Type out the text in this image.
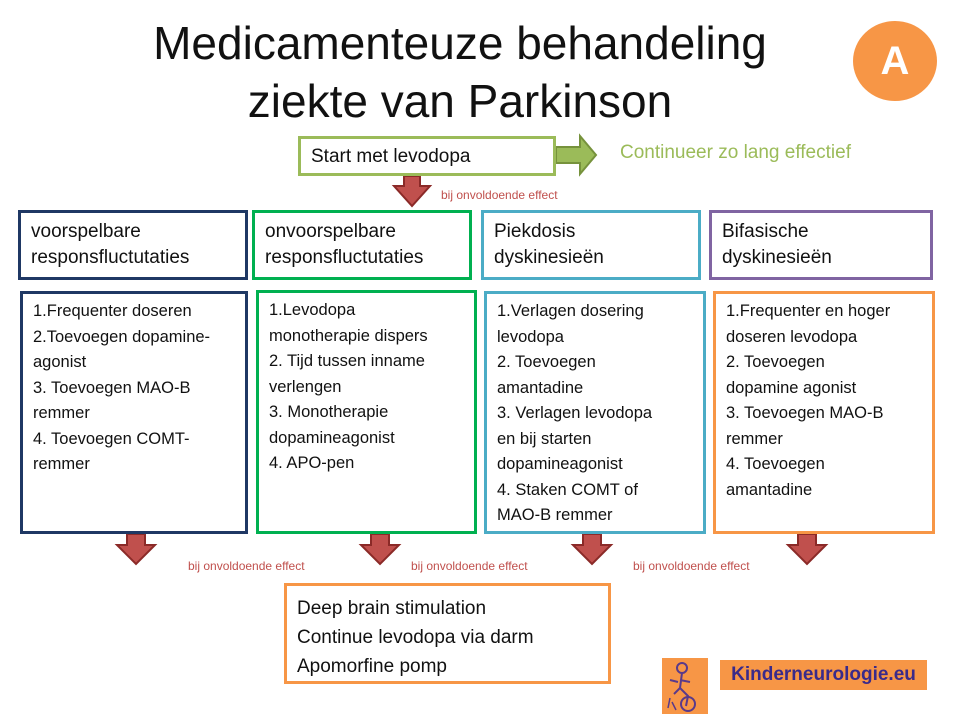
Medicamenteuze behandeling
ziekte van Parkinson
A
Start met levodopa	Continueer zo lang effectief
bij onvoldoende effect
voorspelbare
responsfluctutaties
onvoorspelbare
responsfluctutaties
Piekdosis
dyskinesieën
Bifasische
dyskinesieën
1.Frequenter doseren
2.Toevoegen dopamine-
agonist
3. Toevoegen MAO-B
remmer
4. Toevoegen COMT-
remmer
1.Levodopa
monotherapie dispers
2. Tijd tussen inname
verlengen
3. Monotherapie
dopamineagonist
4. APO-pen
1.Verlagen dosering
levodopa
2. Toevoegen
amantadine
3. Verlagen levodopa
en bij starten
dopamineagonist
4. Staken COMT of
MAO-B remmer
1.Frequenter en hoger
doseren levodopa
2. Toevoegen
dopamine agonist
3. Toevoegen MAO-B
remmer
4. Toevoegen
amantadine
bij onvoldoende effect	bij onvoldoende effect	bij onvoldoende effect
Deep brain stimulation
Continue levodopa via darm
Apomorfine pomp	Kinderneurologie.eu
